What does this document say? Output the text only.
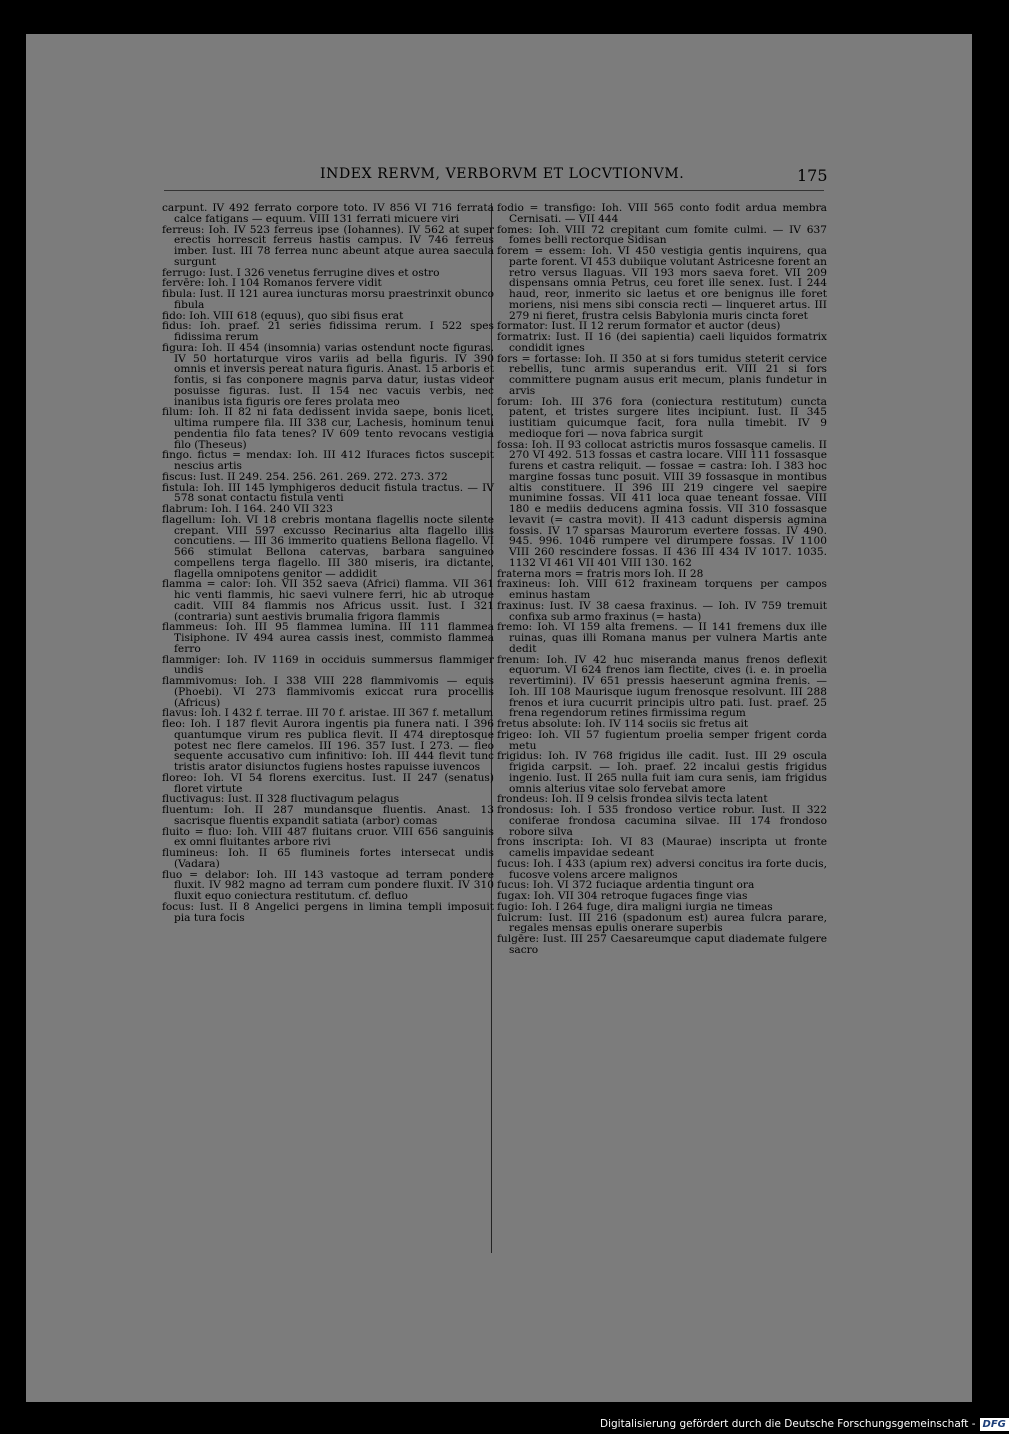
INDEX RERVM, VERBORVM ET LOCVTIONVM.	175

carpunt. IV 492 ferrato corpore toto. IV 856 VI 716 ferrata calce fatigans — equum. VIII 131 ferrati micuere viri

ferreus: Ioh. IV 523 ferreus ipse (Iohannes). IV 562 at super erectis horrescit ferreus hastis campus. IV 746 ferreus imber. Iust. III 78 ferrea nunc abeunt atque aurea saecula surgunt

ferrugo: Iust. I 326 venetus ferrugine dives et ostro

fervēre: Ioh. I 104 Romanos fervere vidit

fibula: Iust. II 121 aurea iuncturas morsu praestrinxit obunco fibula

fido: Ioh. VIII 618 (equus), quo sibi fisus erat

fidus: Ioh. praef. 21 series fidissima rerum. I 522 spes fidissima rerum

figura: Ioh. II 454 (insomnia) varias ostendunt nocte figuras. IV 50 hortaturque viros variis ad bella figuris. IV 390 omnis et inversis pereat natura figuris. Anast. 15 arboris et fontis, si fas conponere magnis parva datur, iustas videor posuisse figuras. Iust. II 154 nec vacuis verbis, nec inanibus ista figuris ore feres prolata meo

filum: Ioh. II 82 ni fata dedissent invida saepe, bonis licet, ultima rumpere fila. III 338 cur, Lachesis, hominum tenui pendentia filo fata tenes? IV 609 tento revocans vestigia filo (Theseus)

fingo. fictus = mendax: Ioh. III 412 Ifuraces fictos suscepit nescius artis

fiscus: Iust. II 249. 254. 256. 261. 269. 272. 273. 372

fistula: Ioh. III 145 lymphigeros deducit fistula tractus. — IV 578 sonat contactu fistula venti

flabrum: Ioh. I 164. 240 VII 323

flagellum: Ioh. VI 18 crebris montana flagellis nocte silente crepant. VIII 597 excusso Recinarius alta flagello illis concutiens. — III 36 immerito quatiens Bellona flagello. VI 566 stimulat Bellona catervas, barbara sanguineo compellens terga flagello. III 380 miseris, ira dictante, flagella omnipotens genitor — addidit

flamma = calor: Ioh. VII 352 saeva (Africi) flamma. VII 361 hic venti flammis, hic saevi vulnere ferri, hic ab utroque cadit. VIII 84 flammis nos Africus ussit. Iust. I 321 (contraria) sunt aestivis brumalia frigora flammis

flammeus: Ioh. III 95 flammea lumina. III 111 flammea Tisiphone. IV 494 aurea cassis inest, commisto flammea ferro

flammiger: Ioh. IV 1169 in occiduis summersus flammiger undis

flammivomus: Ioh. I 338 VIII 228 flammivomis — equis (Phoebi). VI 273 flammivomis exiccat rura procellis (Africus)

flavus: Ioh. I 432 f. terrae. III 70 f. aristae. III 367 f. metallum

fleo: Ioh. I 187 flevit Aurora ingentis pia funera nati. I 396 quantumque virum res publica flevit. II 474 direptosque potest nec flere camelos. III 196. 357 Iust. I 273. — fleo sequente accusativo cum infinitivo: Ioh. III 444 flevit tunc tristis arator disiunctos fugiens hostes rapuisse iuvencos

floreo: Ioh. VI 54 florens exercitus. Iust. II 247 (senatus) floret virtute

fluctivagus: Iust. II 328 fluctivagum pelagus

fluentum: Ioh. II 287 mundansque fluentis. Anast. 13 sacrisque fluentis expandit satiata (arbor) comas

fluito = fluo: Ioh. VIII 487 fluitans cruor. VIII 656 sanguinis ex omni fluitantes arbore rivi

flumineus: Ioh. II 65 flumineis fortes intersecat undis (Vadara)

fluo = delabor: Ioh. III 143 vastoque ad terram pondere fluxit. IV 982 magno ad terram cum pondere fluxit. IV 310 fluxit equo coniectura restitutum. cf. defluo

focus: Iust. II 8 Angelici pergens in limina templi imposuit pia tura focis

fodio = transfigo: Ioh. VIII 565 conto fodit ardua membra Cernisati. — VII 444

fomes: Ioh. VIII 72 crepitant cum fomite culmi. — IV 637 fomes belli rectorque Sidisan

forem = essem: Ioh. VI 450 vestigia gentis inquirens, qua parte forent. VI 453 dubiique volutant Astricesne forent an retro versus Ilaguas. VII 193 mors saeva foret. VII 209 dispensans omnia Petrus, ceu foret ille senex. Iust. I 244 haud, reor, inmerito sic laetus et ore benignus ille foret moriens, nisi mens sibi conscia recti — linqueret artus. III 279 ni fieret, frustra celsis Babylonia muris cincta foret

formator: Iust. II 12 rerum formator et auctor (deus)

formatrix: Iust. II 16 (dei sapientia) caeli liquidos formatrix condidit ignes

fors = fortasse: Ioh. II 350 at si fors tumidus steterit cervice rebellis, tunc armis superandus erit. VIII 21 si fors committere pugnam ausus erit mecum, planis fundetur in arvis

forum: Ioh. III 376 fora (coniectura restitutum) cuncta patent, et tristes surgere lites incipiunt. Iust. II 345 iustitiam quicumque facit, fora nulla timebit. IV 9 medioque fori — nova fabrica surgit

fossa: Ioh. II 93 collocat astrictis muros fossasque camelis. II 270 VI 492. 513 fossas et castra locare. VIII 111 fossasque furens et castra reliquit. — fossae = castra: Ioh. I 383 hoc margine fossas tunc posuit. VIII 39 fossasque in montibus altis constituere. II 396 III 219 cingere vel saepire munimine fossas. VII 411 loca quae teneant fossae. VIII 180 e mediis deducens agmina fossis. VII 310 fossasque levavit (= castra movit). II 413 cadunt dispersis agmina fossis. IV 17 sparsas Maurorum evertere fossas. IV 490. 945. 996. 1046 rumpere vel dirumpere fossas. IV 1100 VIII 260 rescindere fossas. II 436 III 434 IV 1017. 1035. 1132 VI 461 VII 401 VIII 130. 162

fraterna mors = fratris mors Ioh. II 28

fraxineus: Ioh. VIII 612 fraxineam torquens per campos eminus hastam

fraxinus: Iust. IV 38 caesa fraxinus. — Ioh. IV 759 tremuit confixa sub armo fraxinus (= hasta)

fremo: Ioh. VI 159 alta fremens. — II 141 fremens dux ille ruinas, quas illi Romana manus per vulnera Martis ante dedit

frenum: Ioh. IV 42 huc miseranda manus frenos deflexit equorum. VI 624 frenos iam flectite, cives (i. e. in proelia revertimini). IV 651 pressis haeserunt agmina frenis. — Ioh. III 108 Maurisque iugum frenosque resolvunt. III 288 frenos et iura cucurrit principis ultro pati. Iust. praef. 25 frena regendorum retines firmissima regum

fretus absolute: Ioh. IV 114 sociis sic fretus ait

frigeo: Ioh. VII 57 fugientum proelia semper frigent corda metu

frigidus: Ioh. IV 768 frigidus ille cadit. Iust. III 29 oscula frigida carpsit. — Ioh. praef. 22 incalui gestis frigidus ingenio. Iust. II 265 nulla fuit iam cura senis, iam frigidus omnis alterius vitae solo fervebat amore

frondeus: Ioh. II 9 celsis frondea silvis tecta latent

frondosus: Ioh. I 535 frondoso vertice robur. Iust. II 322 coniferae frondosa cacumina silvae. III 174 frondoso robore silva

frons inscripta: Ioh. VI 83 (Maurae) inscripta ut fronte camelis impavidae sedeant

fucus: Ioh. I 433 (apium rex) adversi concitus ira forte ducis, fucosve volens arcere malignos

fucus: Ioh. VI 372 fuciaque ardentia tingunt ora

fugax: Ioh. VII 304 retroque fugaces finge vias

fugio: Ioh. I 264 fuge, dira maligni iurgia ne timeas

fulcrum: Iust. III 216 (spadonum est) aurea fulcra parare, regales mensas epulis onerare superbis

fulgēre: Iust. III 257 Caesareumque caput diademate fulgere sacro

Digitalisierung gefördert durch die Deutsche Forschungsgemeinschaft - DFG
